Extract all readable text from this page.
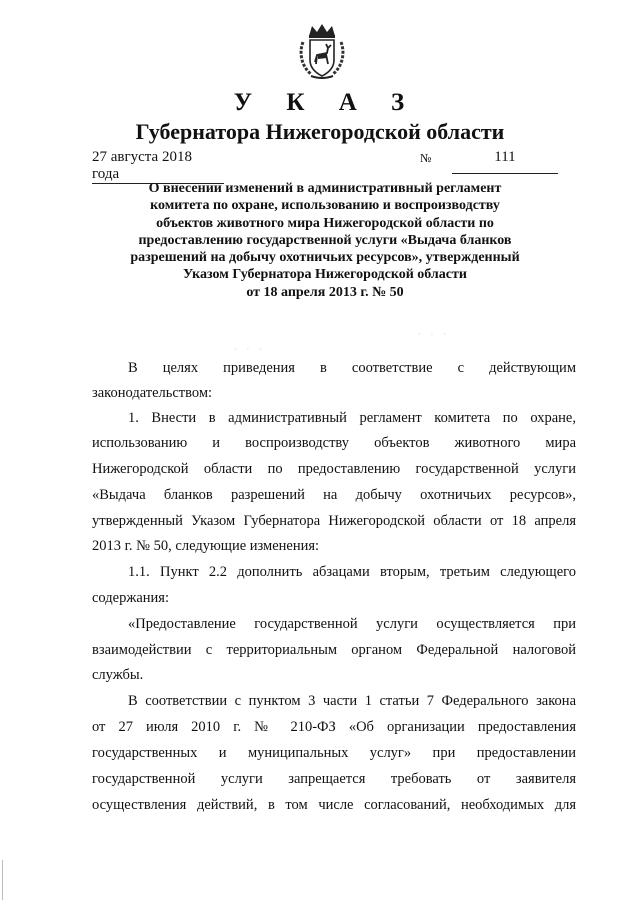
У К А З
Губернатора Нижегородской области
27 августа 2018 года
№	111
О внесении изменений в административный регламент
комитета по охране, использованию и воспроизводству
объектов животного мира Нижегородской области по
предоставлению государственной услуги «Выдача бланков
разрешений на добычу охотничьих ресурсов», утвержденный
Указом Губернатора Нижегородской области
от 18 апреля 2013 г. № 50
· · ·
· · ·
В целях приведения в соответствие с действующим
законодательством:
1. Внести в административный регламент комитета по охране,
использованию и воспроизводству объектов животного мира
Нижегородской области по предоставлению государственной услуги
«Выдача бланков разрешений на добычу охотничьих ресурсов»,
утвержденный Указом Губернатора Нижегородской области от 18 апреля
2013 г. № 50, следующие изменения:
1.1. Пункт 2.2 дополнить абзацами вторым, третьим следующего
содержания:
«Предоставление государственной услуги осуществляется при
взаимодействии с территориальным органом Федеральной налоговой
службы.
В соответствии с пунктом 3 части 1 статьи 7 Федерального закона
от 27 июля 2010 г. № 210-ФЗ «Об организации предоставления
государственных и муниципальных услуг» при предоставлении
государственной услуги запрещается требовать от заявителя
осуществления действий, в том числе согласований, необходимых для
